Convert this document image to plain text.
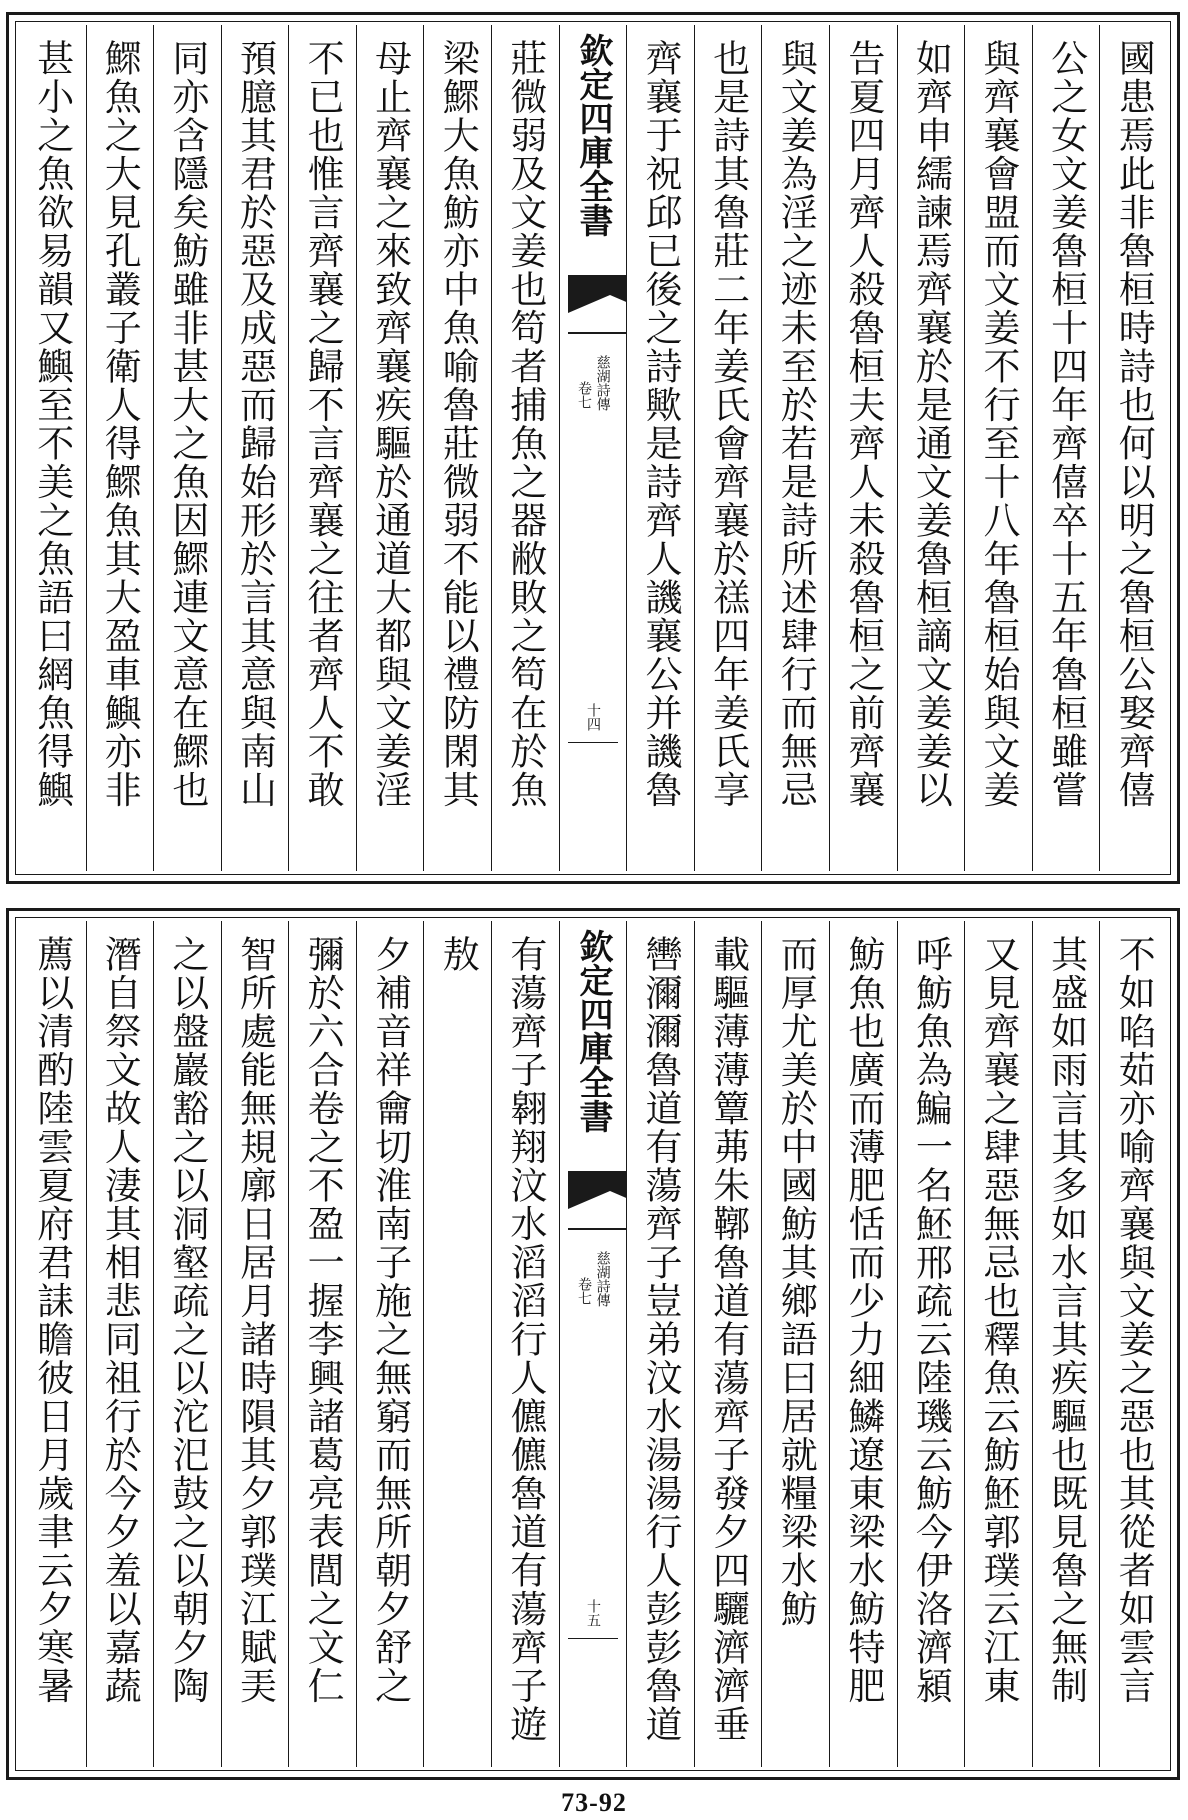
國患焉此非魯桓時詩也何以明之魯桓公娶齊僖
公之女文姜魯桓十四年齊僖卒十五年魯桓雖嘗
與齊襄會盟而文姜不行至十八年魯桓始與文姜
如齊申繻諫焉齊襄於是通文姜魯桓謫文姜姜以
告夏四月齊人殺魯桓夫齊人未殺魯桓之前齊襄
與文姜為淫之迹未至於若是詩所述肆行而無忌
也是詩其魯莊二年姜氏會齊襄於禚四年姜氏享
齊襄于祝邱已後之詩歟是詩齊人譏襄公并譏魯
欽定四庫全書
慈湖詩傳
卷七
十四
莊微弱及文姜也笱者捕魚之器敝敗之笱在於魚
梁鰥大魚魴亦中魚喻魯莊微弱不能以禮防閑其
母止齊襄之來致齊襄疾驅於通道大都與文姜淫
不已也惟言齊襄之歸不言齊襄之往者齊人不敢
預臆其君於惡及成惡而歸始形於言其意與南山
同亦含隱矣魴雖非甚大之魚因鰥連文意在鰥也
鰥魚之大見孔叢子衛人得鰥魚其大盈車鱮亦非
甚小之魚欲易韻又鱮至不美之魚語曰網魚得鱮
不如啗茹亦喻齊襄與文姜之惡也其從者如雲言
其盛如雨言其多如水言其疾驅也既見魯之無制
又見齊襄之肆惡無忌也釋魚云魴魾郭璞云江東
呼魴魚為鯿一名魾邢疏云陸璣云魴今伊洛濟潁
魴魚也廣而薄肥恬而少力細鱗遼東梁水魴特肥
而厚尤美於中國魴其鄉語曰居就糧梁水魴
載驅薄薄簟茀朱鞹魯道有蕩齊子發夕四驪濟濟垂
轡濔濔魯道有蕩齊子豈弟汶水湯湯行人彭彭魯道
欽定四庫全書
慈湖詩傳
卷七
十五
有蕩齊子翱翔汶水滔滔行人儦儦魯道有蕩齊子遊
敖
夕補音祥龠切淮南子施之無窮而無所朝夕舒之
彌於六合卷之不盈一握李興諸葛亮表閭之文仁
智所處能無規廓日居月諸時隕其夕郭璞江賦㺯
之以盤巖豁之以洞壑疏之以沱汜鼓之以朝夕陶
潛自祭文故人淒其相悲同祖行於今夕羞以嘉蔬
薦以清酌陸雲夏府君誄瞻彼日月歲聿云夕寒暑
73-92
